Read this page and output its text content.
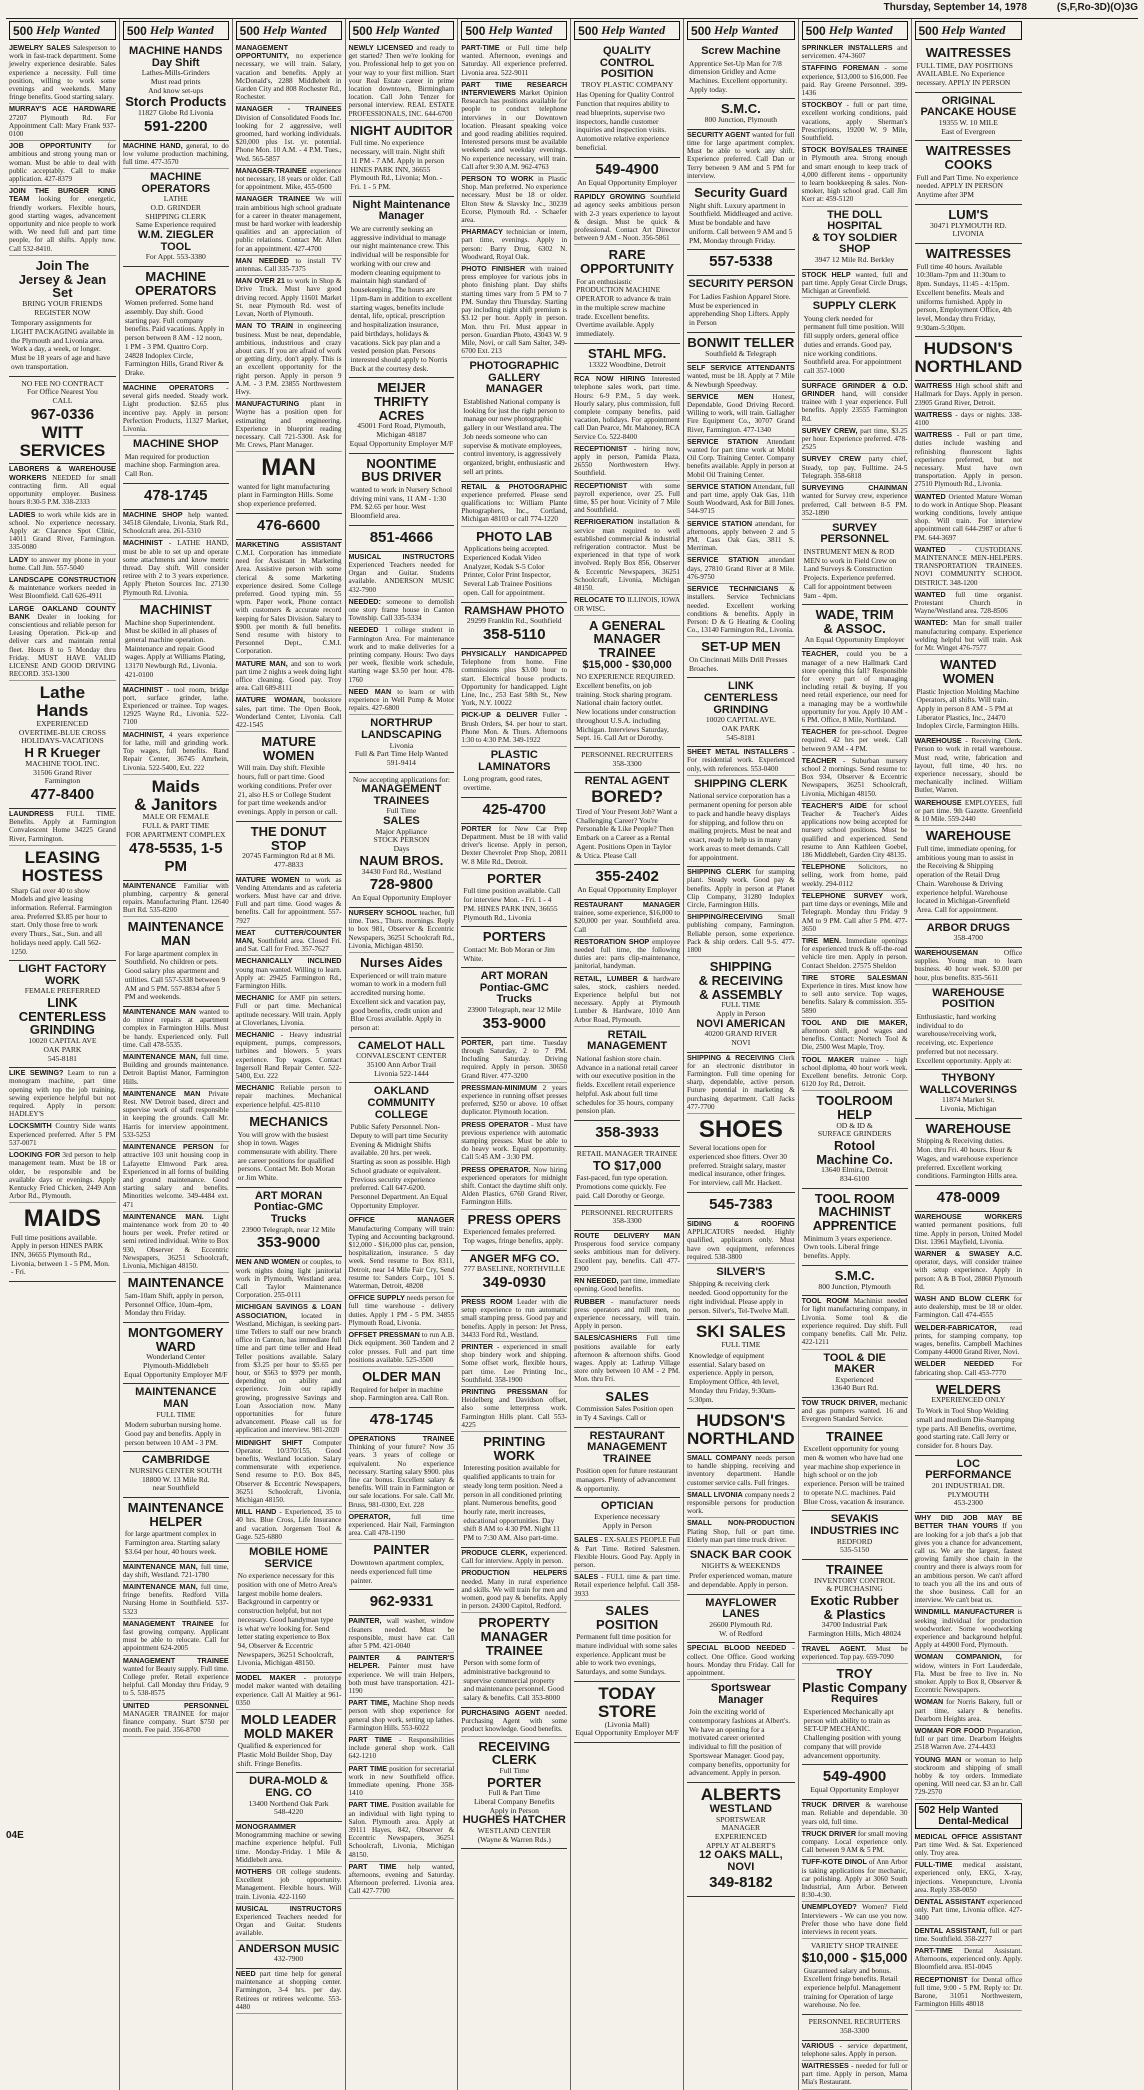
Thursday, September 14, 1978	(S,F,Ro-3D)(O)3G
500 Help Wanted
JEWELRY SALES Salesperson to work in fast-track department. Some jewelry experience desirable. Sales experience a necessity. Full time position, willing to work some evenings and weekends. Many fringe benefits. Good starting salary.
MURRAY'S ACE HARDWARE 27207 Plymouth Rd. For Appointment Call: Mary Frank 937-0100
JOB OPPORTUNITY for ambitious and strong young man or woman. Must be able to deal with public acceptably. Call to make application. 427-8379
JOIN THE BURGER KING TEAM looking for energetic, friendly workers. Flexible hours, good starting wages, advancement opportunity and nice people to work with. We need full and part time people, for all shifts. Apply now. Call 532-8410.
Join The
Jersey & Jean Set
BRING YOUR FRIENDS
REGISTER NOW
Temporary assignments for LIGHT PACKAGING available in the Plymouth and Livonia area. Work a day, a week, or longer. Must be 18 years of age and have own transportation.
NO FEE NO CONTRACT
For Office Nearest You
CALL
967-0336
WITT
SERVICES
LABORERS & WAREHOUSE WORKERS NEEDED for small contracting firm. All equal opportunity employer. Business hours 8:30-5 P.M. 338-2333
LADIES to work while kids are in school. No experience necessary. Apply at: Clarence Spot Clinic, 14011 Grand River, Farmington. 335-0080
LADY to answer my phone in your home. Call Jim. 557-5040
LANDSCAPE CONSTRUCTION & maintenance workers needed in West Bloomfield. Call 626-4911
LARGE OAKLAND COUNTY BANK Dealer in looking for conscientious and reliable person for Leasing Operation. Pick-up and deliver cars and maintain rental fleet. Hours 8 to 5 Monday thru Friday. MUST HAVE VALID LICENSE AND GOOD DRIVING RECORD. 353-1300
Lathe
Hands
EXPERIENCED
OVERTIME-BLUE CROSS
HOLIDAYS-VACATIONS
H R Krueger
MACHINE TOOL INC.
31506 Grand River
Farmington
477-8400
LAUNDRESS FULL TIME. Benefits. Apply at Farmington Convalescent Home 34225 Grand River, Farmington.
LEASING
HOSTESS
Sharp Gal over 40 to show Models and give leasing information. Referral. Farmington area. Preferred $3.85 per hour to start. Only those free to work every Thurs., Sat., Sun. and all holidays need apply. Call 562-1250.
LIGHT FACTORY
WORK
FEMALE PREFERRED
LINK
CENTERLESS
GRINDING
10020 CAPITAL AVE
OAK PARK
545-8181
LIKE SEWING? Learn to run a monogram machine, part time opening with top the job training, sewing experience helpful but not required. Apply in person: HADLEY'S
LOCKSMITH Country Side wants Experienced preferred. After 5 PM 537-0071
LOOKING FOR 3rd person to help management team. Must be 18 or older, be responsible and be available days or evenings. Apply Kentucky Fried Chicken, 2449 Ann Arbor Rd., Plymouth.
MAIDS
Full time positions available. Apply in person HINES PARK INN, 36655 Plymouth Rd., Livonia, between 1 - 5 PM, Mon. - Fri.
500 Help Wanted
MACHINE HANDS
Day Shift
Lathes-Mills-Grinders
Must read prints
And know set-ups
Storch Products
11827 Globe Rd Livonia
591-2200
MACHINE HAND, general, to do low volume production machining, full time. 477-3570
MACHINE OPERATORS
LATHE
O.D. GRINDER
SHIPPING CLERK
Same Experience required
W.M. ZIEGLER TOOL
For Appt. 553-3380
MACHINE
OPERATORS
Women preferred. Some hand assembly. Day shift. Good starting pay. Full company benefits. Paid vacations. Apply in person between 8 AM - 12 noon, 1 PM - 3 PM. Quattro Corp. 24828 Indoplex Circle, Farmington Hills, Grand River & Drake.
MACHINE OPERATORS - several girls needed. Steady work. Light production. $2.65 plus incentive pay. Apply in person: Perfection Products, 11327 Market, Livonia.
MACHINE SHOP
Man required for production machine shop. Farmington area. Call Ron.
478-1745
MACHINE SHOP help wanted. 34518 Glendale, Livonia, Stark Rd., Schoolcraft area. 261-5310
MACHINIST - LATHE HAND, must be able to set up and operate some attachments and know metric thread. Day shift. Will consider retiree with 2 to 3 years experience. Apply Pheton Sources Inc. 27130 Plymouth Rd. Livonia.
MACHINIST
Machine shop Superintendent. Must be skilled in all phases of general machine operation. Maintenance and repair. Good wages. Apply at Williams Plating, 13170 Newburgh Rd., Livonia. 421-0100
MACHINIST - tool room, bridge port, surface grinder, lathe. Experienced or trainee. Top wages. 12925 Wayne Rd., Livonia. 522-7100
MACHINIST, 4 years experience for lathe, mill and grinding work. Top wages, full benefits. Rand Repair Center, 36745 Amrhein, Livonia. 522-5400, Ext. 222
Maids
& Janitors
MALE OR FEMALE
FULL & PART TIME
FOR APARTMENT COMPLEX
478-5535, 1-5 PM
MAINTENANCE Familiar with plumbing, carpentry & general repairs. Manufacturing Plant. 12640 Burt Rd. 535-8200
MAINTENANCE
MAN
For large apartment complex in Southfield. No children or pets. Good salary plus apartment and utilities. Call 557-5338 between 9 AM and 5 PM. 557-8834 after 5 PM and weekends.
MAINTENANCE MAN wanted to do minor repairs at apartment complex in Farmington Hills. Must be handy. Experienced only. Full time. Call 478-5535.
MAINTENANCE MAN, full time. Building and grounds maintenance. Detroit Baptist Manor, Farmington Hills.
MAINTENANCE MAN Private Rest. NW Detroit based, direct and supervise work of staff responsible in keeping the grounds. Call Mr. Harris for interview appointment. 533-5253
MAINTENANCE PERSON for attractive 103 unit housing coop in Lafayette Elmwood Park area. Experienced in all forms of building and ground maintenance. Good starting salary and benefits. Minorities welcome. 349-4484 ext. 471
MAINTENANCE MAN. Light maintenance work from 20 to 40 hours per week. Prefer retired or semi retired individual. Write to Box 930, Observer & Eccentric Newspapers, 36251 Schoolcraft, Livonia, Michigan 48150.
MAINTENANCE
5am-10am Shift, apply in person, Personnel Office, 10am-4pm, Monday thru Friday.
MONTGOMERY
WARD
Wonderland Center
Plymouth-Middlebelt
Equal Opportunity Employer M/F
MAINTENANCE MAN
FULL TIME
Modern suburban nursing home. Good pay and benefits. Apply in person between 10 AM - 3 PM.
CAMBRIDGE
NURSING CENTER SOUTH
18800 W. 13 Mile Rd.
near Southfield
MAINTENANCE
HELPER
for large apartment complex in Farmington area. Starting salary $3.64 per hour, 40 hours week.
MAINTENANCE MAN, full time, day shift, Westland. 721-1780
MAINTENANCE MAN, full time, fringe benefits. Redford Villa Nursing Home in Southfield. 537-5323
MANAGEMENT TRAINEE for fast growing company. Applicant must be able to relocate. Call for appointment 624-2005
MANAGEMENT TRAINEE wanted for Beauty supply. Full time. College prefer. Retail experience helpful. Call Monday thru Friday, 9 to 5. 538-8575
UNITED PERSONNEL MANAGER TRAINEE for major finance company. Start $750 per month. Fee paid. 356-8700
500 Help Wanted
MANAGEMENT OPPORTUNITY, no experience necessary, we will train. Salary, vacation and benefits. Apply at McDonald's, 2288 Middlebelt in Garden City and 808 Rochester Rd., Rochester.
MANAGER - TRAINEES Division of Consolidated Foods Inc. looking for 2 aggressive, well groomed, hard working individuals. $20,000 plus 1st. yr. potential. Phone Mon. 10 A.M. - 4 P.M. Tues., Wed. 565-5857
MANAGER-TRAINEE experience not necessary, 18 years or older. Call for appointment. Mike, 455-0500
MANAGER TRAINEE We will train ambitious high school graduate for a career in theater management, must be hard worker with leadership qualities and an appreciation of public relations. Contact Mr. Allen for an appointment. 427-4700
MAN NEEDED to install TV antennas. Call 335-7375
MAN OVER 21 to work in Shop & Drive Truck. Must have good driving record. Apply 11601 Market St. near Plymouth Rd. west of Levan, North of Plymouth.
MAN TO TRAIN in engineering business. Must be neat, dependable, ambitious, industrious and crazy about cars. If you are afraid of work or getting dirty, don't apply. This is an excellent opportunity for the right person. Apply in person 9 A.M. - 3 P.M. 23855 Northwestern Hwy.
MANUFACTURING plant in Wayne has a position open for estimating and engineering. Experience in blueprint reading necessary. Call 721-5300. Ask for Mr. Crews, Plant Manager.
MAN
wanted for light manufacturing plant in Farmington Hills. Some shop experience preferred.
476-6600
MARKETING ASSISTANT C.M.I. Corporation has immediate need for Assistant in Marketing Area. Assistive person with some clerical & some Marketing experience desired. Some College preferred. Good typing min. 55 wpm. Paper work, Phone contact with customers & accurate record keeping for Sales Division. Salary to $900. per month & full benefits. Send resume with history to Personnel Dept., C.M.I. Corporation.
MATURE MAN, and son to work part time 2 nights a week doing light office cleaning. Good pay. Troy area. Call 689-8111
MATURE WOMAN, bookstore sales, part time. The Open Book, Wonderland Center, Livonia. Call 422-1545
MATURE WOMEN
Will train. Day shift. Flexible hours, full or part time. Good working conditions. Prefer over 21, also H.S or College Student for part time weekends and/or evenings. Apply in person or call.
THE DONUT STOP
20745 Farmington Rd at 8 Mi.
477-8833
MATURE WOMEN to work as Vending Attendants and as cafeteria workers. Must have car and drive. Full and part time. Good wages & benefits. Call for appointment. 557-7927
MEAT CUTTER/COUNTER MAN, Southfield area. Closed Fri. and Sat. Call for Fred. 357-7627
MECHANICALLY INCLINED young man wanted. Willing to learn. Apply at: 29425 Farmington Rd., Farmington Hills.
MECHANIC for AMF pin setters. Full or part time. Mechanical aptitude necessary. Will train. Apply at Cloverlanes, Livonia.
MECHANIC - Heavy industrial equipment, pumps, compressors, turbines and blowers. 5 years experience. Top wages. Contact Ingersoll Rand Repair Center. 522-5400, Ext. 222
MECHANIC Reliable person to repair machines. Mechanical experience helpful. 425-8110
MECHANICS
You will grow with the busiest shop in town. Wages commensurate with ability. There are career positions for qualified persons. Contact Mr. Bob Moran or Jim White.
ART MORAN
Pontiac-GMC Trucks
23900 Telegraph, near 12 Mile
353-9000
MEN AND WOMEN or couples, to work nights doing light janitorial work in Plymouth, Westland area. Call Taylor Maintenance Corporation. 255-0111
MICHIGAN SAVINGS & LOAN ASSOCIATION, located in Westland, Michigan, is seeking part-time Tellers to staff our new branch office in Canton, has immediate full time and part time teller and Head Teller positions available. Salary from $3.25 per hour to $5.65 per hour, or $563 to $979 per month, depending on ability and experience. Join our rapidly growing, progressive Savings and Loan Association now. Many opportunities for future advancement. Please call us for application and interview. 981-2020
MIDNIGHT SHIFT Computer Operator. 10/370/155, Good benefits, Westland location. Salary commensurate with experience. Send resume to P.O. Box 845, Observer & Eccentric Newspapers, 36251 Schoolcraft, Livonia, Michigan 48150.
MILL HAND - Experienced, 35 to 40 hrs. Blue Cross, Life Insurance and vacation. Jorgensen Tool & Gage. 525-6880
MOBILE HOME
SERVICE
No experience necessary for this position with one of Metro Area's largest mobile home dealers. Background in carpentry or construction helpful, but not necessary. Good handyman type is what we're looking for. Send letter stating experience to Box 94, Observer & Eccentric Newspapers, 36251 Schoolcraft, Livonia, Michigan 48150.
MODEL MAKER - prototype model maker wanted with detailing experience. Call Al Maitley at 961-0350
MOLD LEADER
MOLD MAKER
Qualified & experienced for Plastic Mold Builder Shop, Day shift. Fringe Benefits.
DURA-MOLD & ENG. CO
13400 Northend Oak Park
548-4220
MONOGRAMMER Monogramming machine or sewing machine experience helpful. Full time. Monday-Friday. 1 Mile & Middlebelt area.
MOTHERS OR college students. Excellent job opportunity. Management. Flexible hours. Will train. Livonia. 422-1160
MUSICAL INSTRUCTORS Experienced Teachers needed for Organ and Guitar. Students available.
ANDERSON MUSIC
432-7900
NEED part time help for general maintenance at shopping center. Farmington, 3-4 hrs. per day. Retirees or retirees welcome. 553-4480
500 Help Wanted
NEWLY LICENSED and ready to get started? Then we're looking for you. Professional help to get you on your way to your first million. Start your Real Estate career in prime location downtown, Birmingham location. Call John Tenzer for personal interview. REAL ESTATE PROFESSIONALS, INC. 644-6700
NIGHT AUDITOR
Full time. No experience necessary, will train. Night shift 11 PM - 7 AM. Apply in person HINES PARK INN, 36655 Plymouth Rd., Livonia; Mon. - Fri. 1 - 5 PM.
Night Maintenance
Manager
We are currently seeking an aggressive individual to manage our night maintenance crew. This individual will be responsible for working with our crew and modern cleaning equipment to maintain high standard of housekeeping. The hours are 11pm-8am in addition to excellent starting wages, benefits include dental, life, optical, prescription and hospitalization insurance, paid birthdays, holidays & vacations. Sick pay plan and a vested pension plan. Persons interested should apply to Norris Buck at the courtesy desk.
MEIJER THRIFTY
ACRES
45001 Ford Road, Plymouth,
Michigan 48187
Equal Opportunity Employer M/F
NOONTIME
BUS DRIVER
wanted to work in Nursery School driving mini vans, 11 AM - 1:30 PM. $2.65 per hour. West Bloomfield area.
851-4666
MUSICAL INSTRUCTORS Experienced Teachers needed for Organ and Guitar. Students available. ANDERSON MUSIC 432-7900
NEEDED: someone to demolish one story frame house in Canton Township. Call 335-5334
NEEDED 1 college student in Farmington Area. For maintenance work and to make deliveries for a printing company. Hours: Two days per week, flexible work schedule, starting wage $3.50 per hour. 478-1760
NEED MAN to learn or with experience in Well Pump & Motor repairs. 427-6800
NORTHRUP LANDSCAPING
Livonia
Full & Part Time Help Wanted
591-9414
Now accepting applications for:
MANAGEMENT TRAINEES
Full Time
SALES
Major Appliance
STOCK PERSON
Days
NAUM BROS.
34430 Ford Rd., Westland
728-9800
An Equal Opportunity Employer
NURSERY SCHOOL teacher, full time. Tues., Thurs. mornings. Reply to box 981, Observer & Eccentric Newspapers, 36251 Schoolcraft Rd., Livonia, Michigan 48150.
Nurses Aides
Experienced or will train mature woman to work in a modern full accredited nursing home. Excellent sick and vacation pay, good benefits, credit union and Blue Cross available. Apply in person at:
CAMELOT HALL
CONVALESCENT CENTER
35100 Ann Arbor Trail
Livonia 522-1444
OAKLAND COMMUNITY
COLLEGE
Public Safety Personnel. Non-Deputy to will part time Security Evening & Midnight Shifts available. 20 hrs. per week. Starting as soon as possible. High School graduate or equivalent. Previous security experience preferred. Call 647-6200. Personnel Department. An Equal Opportunity Employer.
OFFICE MANAGER Manufacturing Company will train: Typing and Accounting background. $12,000 - $16,000 plus car, pension, hospitalization, insurance. 5 day week. Send resume to Box 8311, Detroit, near 14 Mile Fair Cry, Send resume to: Sanders Corp., 101 S. Waterman, Detroit, 48208
OFFICE SUPPLY needs person for full time warehouse - delivery duties. Apply 1 PM - 5 PM. 34855 Plymouth Road, Livonia.
OFFSET PRESSMAN to run A.B. Dick equipment. 360 Tandem and 2 color presses. Full and part time positions available. 525-3500
OLDER MAN
Required for helper in machine shop. Farmington area. Call Ron.
478-1745
OPERATIONS TRAINEE Thinking of your future? Now 35 years. 3 years of college or equivalent. No experience necessary. Starting salary $900. plus fine car bonus. Excellent salary & benefits. Will train in Farmington or our sale locations. For sale. Call Mr. Bruss, 981-0300, Ext. 228
OPERATOR,	full time experienced. Hair Nail, Farmington area. Call 478-1190
PAINTER
Downtown apartment complex, needs experienced full time painter.
962-9331
PAINTER, wall washer, window cleaners needed. Must be responsible, must have car. Call after 5 PM. 421-0040
PAINTER & PAINTER'S HELPER. Painter must have experience. We will train Helpers, both must have transportation. 421-1190
PART TIME, Machine Shop needs person with shop experience for general shop work, setting up lathes. Farmington Hills. 553-6022
PART TIME - Responsibilities include general shop work. Call 642-1210
PART TIME position for secretarial work in new Southfield office. Immediate opening. Phone 358-1410
PART TIME. Position available for an individual with light typing to Salon. Plymouth area. Apply at 39111 Hayes, 842, Observer & Eccentric Newspapers, 36251 Schoolcraft, Livonia, Michigan 48150.
PART TIME help wanted, afternoons, evening and Saturday. Afternoon preferred. Livonia area. Call 427-7700
500 Help Wanted
PART-TIME or Full time help wanted. Afternoon, evenings and Saturday. All experience preferred. Livonia area. 522-9011
PART TIME RESEARCH INTERVIEWERS Market Opinion Research has positions available for people to conduct telephone interviews in our Downtown location. Pleasant speaking voice and good reading abilities required. Interested persons must be available weekends and weekday evenings. No experience necessary, will train. Call after 9:30 A.M. 962-4763
PERSON TO WORK in Plastic Shop. Man preferred. No experience necessary. Must be 18 or older. Elton Stew & Slavsky Inc., 30239 Ecorse, Plymouth Rd. - Schaefer area.
PHARMACY technician or intern, part time, evenings. Apply in person: Barry Drug, 6302 N. Woodward, Royal Oak.
PHOTO FINISHER with trained press employee for various jobs in photo finishing plant. Day shifts starting times vary from 5 PM to 7 PM. Sunday thru Thursday. Starting pay including night shift premium is $3.12 per hour. Apply in person. Mon. thru Fri. Must appear in person. Guardian Photo, 43043 W. 9 Mile, Novi, or call Sam Salter, 349-6700 Ext. 213
PHOTOGRAPHIC GALLERY
MANAGER
Established National company is looking for just the right person to manage our new photographic gallery in our Westland area. The Job needs someone who can supervise & motivate employees, control inventory, is aggressively organized, bright, enthusiastic and sell art prints.
RETAIL & PHOTOGRAPHIC experience preferred. Please send qualifications to: William Plante Photographers, Inc., Cortland, Michigan 48103 or call 774-1220
PHOTO LAB
Applications being accepted. Experienced Kodak Video Analyzer, Kodak S-5 Color Printer, Color Print Inspector, Several Lab Trainee Positions open. Call for appointment.
RAMSHAW PHOTO
29299 Franklin Rd., Southfield
358-5110
PHYSICALLY HANDICAPPED Telephone from home. Fine commissions plus $3.00 hour to start. Electrical house products. Opportunity for handicapped. Light Line, Inc., 253 East 58th St., New York, N.Y. 10022
PICK-UP & DELIVER Fuller - Brush Orders, $4. per hour to start. Phone Mon. & Thurs. Afternoons 1:30 to 4:30 P.M. 349-1922
PLASTIC
LAMINATORS
Long program, good rates, overtime.
425-4700
PORTER for New Car Prep Department. Must be 18 with valid driver's license. Apply in person, Dexter Chevrolet Prep Shop, 20811 W. 8 Mile Rd., Detroit.
PORTER
Full time position available. Call for interview Mon. - Fri. 1 - 4 PM. HINES PARK INN, 36655 Plymouth Rd., Livonia
PORTERS
Contact Mr. Bob Moran or Jim White.
ART MORAN
Pontiac-GMC Trucks
23900 Telegraph, near 12 Mile
353-9000
PORTER, part time. Tuesday through Saturday, 2 to 7 PM. Including Saturday. Driving required. Apply in person. 30650 Grand River. 477-3200
PRESSMAN-MINIMUM 2 years experience in running offset presses preferred, $250 or above. 10 offset duplicator. Plymouth location.
PRESS OPERATOR - Must have previous experience with automatic stamping presses. Must be able to do heavy work. Equal opportunity. Call 5:45 AM - 3:30 PM.
PRESS OPERATOR. Now hiring experienced operators for midnight shift. Contact the daytime shift only. Alden Plastics, 6760 Grand River, Farmington Hills.
PRESS OPERS
Experienced females preferred. Top wages, fringe benefits, apply.
ANGER MFG CO.
777 BASELINE, NORTHVILLE
349-0930
PRESS ROOM Leader with die setup experience to run automatic small stamping press. Good pay and benefits. Apply in person: Jet Press, 34433 Ford Rd., Westland.
PRINTER - experienced in small shop bindery work and shipping. Some offset work, flexible hours, part time. Lee Printing Inc., Southfield. 358-1900
PRINTING PRESSMAN for Heidelberg and Davidson offset, also some letterpress work. Farmington Hills plant. Call 553-4225
PRINTING WORK
Interesting position available for qualified applicants to train for steady long term position. Need a person in all conditioned printing plant. Numerous benefits, good hourly rate, merit increases, educational opportunities. Day shift 8 AM to 4:30 PM. Night 11 PM to 7:30 AM. Also part-time.
PRODUCE CLERK, experienced. Call for interview. Apply in person.
PRODUCTION HELPERS needed. Many in rural experience and skills. We will train for men and women, good pay & benefits. Apply in person. 24300 Capitol, Redford.
PROPERTY
MANAGER
TRAINEE
Person with some form of administrative background to supervise commercial property and maintenance personnel. Good salary & benefits. Call 353-8000
PURCHASING AGENT needed. Purchasing Agent with some product knowledge. Good benefits.
RECEIVING CLERK
Full Time
PORTER
Full & Part Time
Liberal Company Benefits
Apply in Person
HUGHES HATCHER
WESTLAND CENTER
(Wayne & Warren Rds.)
500 Help Wanted
QUALITY
CONTROL
POSITION
TROY PLASTIC COMPANY
Has Opening for Quality Control Function that requires ability to read blueprints, supervise two inspectors, handle customer inquiries and inspection visits. Automotive relative experience beneficial.
549-4900
An Equal Opportunity Employer
RAPIDLY GROWING Southfield ad agency seeks ambitious person with 2-3 years experience to layout & design. Must be quick & professional. Contact Art Director between 9 AM - Noon. 356-5861
RARE
OPPORTUNITY
For an enthusiastic PRODUCTION MACHINE OPERATOR to advance & train in the multiple screw machine trade. Excellent benefits. Overtime available. Apply immediately.
STAHL MFG.
13322 Woodbine, Detroit
RCA NOW HIRING Interested telephone sales work, part time. Hours: 6-9 P.M., 5 day week. Hourly salary, plus commission, full complete company benefits, paid vacation, holidays. For appointment call Dan Pearce, Mr. Mahoney, RCA Service Co. 522-8400
RECEPTIONIST - hiring now, apply in person, Pamida Plaza, 26550 Northwestern Hwy. Southfield.
RECEPTIONIST with some payroll experience, over 25. Full time, $5 per hour. Vicinity of 7 Mile and Southfield.
REFRIGERATION installation & service man required to well established commercial & industrial refrigeration contractor. Must be experienced in that type of work involved. Reply Box 856, Observer & Eccentric Newspapers, 36251 Schoolcraft, Livonia, Michigan 48150.
RELOCATE TO ILLINOIS, IOWA OR WISC.
A GENERAL
MANAGER
TRAINEE
$15,000 - $30,000
NO EXPERIENCE REQUIRED. Excellent benefits, on job training. Stock sharing program. National chain factory outlet. New locations under construction throughout U.S.A. including Michigan. Interviews Saturday, Sept. 16. Call Art or Dorothy.
PERSONNEL RECRUITERS
358-3300
RENTAL AGENT
BORED?
Tired of Your Present Job? Want a Challenging Career? You're Personable & Like People? Then Embark on a Career as a Rental Agent. Positions Open in Taylor & Utica. Please Call
355-2402
An Equal Opportunity Employer
RESTAURANT MANAGER trainee, some experience, $16,000 to $20,000 per year. Southfield area. Call
RESTORATION SHOP employee needed full time, the following duties are: parts clip-maintenance, janitorial, handyman.
RETAIL, LUMBER & hardware sales, stock, cashiers needed. Experience helpful but not necessary. Apply at Plymouth Lumber & Hardware, 1010 Ann Arbor Road, Plymouth.
RETAIL
MANAGEMENT
National fashion store chain. Advance in a national retail career with our executive position in the fields. Excellent retail experience helpful. Ask about full time schedules for 35 hours, company pension plan.
358-3933
RETAIL MANAGER TRAINEE
TO $17,000
Fast-paced, fun type operation. Promotions come quickly. Fee paid. Call Dorothy or George.
PERSONNEL RECRUITERS
358-3300
ROUTE DELIVERY MAN Prosperous food service company seeks ambitious man for delivery. Excellent pay, benefits. Call 477-2900
RN NEEDED, part time, immediate opening. Good benefits.
RUBBER - manufacturer needs press operators and mill men, no experience necessary, will train. Apply in person.
SALES/CASHIERS Full time positions available for early afternoon & afternoon shifts. Good wages. Apply at: Lathrup Village store only between 10 AM - 2 PM. Mon. thru Fri.
SALES
Commission Sales Position open in Ty 4 Savings. Call or
RESTAURANT
MANAGEMENT
TRAINEE
Position open for future restaurant managers. Plenty of advancement & opportunity.
OPTICIAN
Experience necessary
Apply in Person
SALES - EX-SALES PEOPLE Full & Part Time. Retired Salesmen. Flexible Hours. Good Pay. Apply in person.
SALES - FULL time & part time. Retail experience helpful. Call 358-3933
SALES
POSITION
Permanent full time position for mature individual with some sales experience. Applicant must be able to work two evenings, Saturdays, and some Sundays.
TODAY
STORE
(Livonia Mall)
Equal Opportunity Employer M/F
500 Help Wanted
Screw Machine
Apprentice Set-Up Man for 7/8 dimension Gridley and Acme Machines. Excellent opportunity. Apply today.
S.M.C.
800 Junction, Plymouth
SECURITY AGENT wanted for full time for large apartment complex. Must be able to work any shift. Experience preferred. Call Dan or Terry between 9 AM and 5 PM for interview.
Security Guard
Night shift. Luxury apartment in Southfield. Middleaged and active. Must be bondable and have uniform. Call between 9 AM and 5 PM, Monday through Friday.
557-5338
SECURITY PERSON
For Ladies Fashion Apparel Store. Must be experienced in apprehending Shop Lifters. Apply in Person
BONWIT TELLER
Southfield & Telegraph
SELF SERVICE ATTENDANTS wanted, must be 18. Apply at 7 Mile & Newburgh Speedway.
SERVICE MEN	Honest, Dependable, Good Driving Record. Willing to work, will train. Gallagher Fire Equipment Co., 30707 Grand River, Farmington. 477-1340
SERVICE STATION Attendant wanted for part time work at Mobil Oil Corp. Training Center. Company benefits available. Apply in person at Mobil Oil Training Center.
SERVICE STATION Attendant, full and part time, apply Oak Gas, 11th South Woodward, Ask for Bill Jones. 544-9715
SERVICE STATION attendant, for afternoons, apply between 2 and 5 PM. Cass Oak Gas, 3811 S. Merriman.
SERVICE STATION attendant days, 27810 Grand River at 8 Mile. 476-9750
SERVICE TECHNICIANS & installers. Service Technicians needed. Excellent working conditions & benefits. Apply in Person: D & G Heating & Cooling Co., 13140 Farmington Rd., Livonia.
SET-UP MEN
On Cincinnati Mills Drill Presses Broaches.
LINK
CENTERLESS
GRINDING
10020 CAPITAL AVE.
OAK PARK
545-8181
SHEET METAL INSTALLERS - For residential work. Experienced only, with references. 553-0400
SHIPPING CLERK
National service corporation has a permanent opening for person able to pack and handle heavy displays for shipping, and follow thru on mailing projects. Must be neat and exact, ready to help us in many work areas to meet demands. Call for appointment.
SHIPPING CLERK for stamping plant. Steady work. Good pay & benefits. Apply in person at Planet Clip Company, 31280 Indoplex Circle, Farmington Hills.
SHIPPING/RECEIVING Small publishing company, Farmington. Reliable person, some experience. Pack & ship orders. Call 9-5. 477-1800
SHIPPING
& RECEIVING
& ASSEMBLY
FULL TIME
Apply in Person
NOVI AMERICAN
40200 GRAND RIVER
NOVI
SHIPPING & RECEIVING Clerk for an electronic distributor in Farmington. Full time opening for sharp, dependable, active person. Future potential in marketing & purchasing department. Call Jacks 477-7700
SHOES
Several locations open for experienced shoe fitters. Over 30 preferred. Straight salary, master medical insurance, other fringes. For interview, call Mr. Hackett.
545-7383
SIDING & ROOFING APPLICATORS needed. Highly qualified, applicators only. Must have own equipment, references required. 538-3800
SILVER'S
Shipping & receiving clerk needed. Good opportunity for the right individual. Please apply in person. Silver's, Tel-Twelve Mall.
SKI SALES
FULL TIME
Knowledge of equipment essential. Salary based on experience. Apply in person, Employment Office, 4th level, Monday thru Friday, 9:30am-5:30pm.
HUDSON'S
NORTHLAND
SMALL COMPANY needs person to handle shipping, receiving and inventory department. Handle customer service calls. Full fringes.
SMALL LIVONIA company needs 2 responsible persons for production work.
SMALL NON-PRODUCTION Plating Shop, full or part time. Elderly man part time truck driver.
SNACK BAR COOK
NIGHTS & WEEKENDS
Prefer experienced woman, mature and dependable. Apply in person.
MAYFLOWER LANES
26600 Plymouth Rd.
W. of Redford
SPECIAL BLOOD NEEDED - collect. One Office. Good working hours. Monday thru Friday. Call for appointment.
Sportswear
Manager
Join the exciting world of contemporary fashions at Albert's. We have an opening for a motivated career oriented individual to fill the position of Sportswear Manager. Good pay, company benefits, opportunity for advancement. Apply in person.
ALBERTS
WESTLAND
SPORTSWEAR
MANAGER
EXPERIENCED
APPLY AT ALBERT'S
12 OAKS MALL, NOVI
349-8182
500 Help Wanted
SPRINKLER INSTALLERS and servicemen. 474-3607
STAFFING FOREMAN - some experience, $13,000 to $16,000. Fee paid. Ray Greene Personnel. 399-1436
STOCKBOY - full or part time, excellent working conditions, paid vacations, apply Sherman's Prescriptions, 19200 W. 9 Mile, Southfield.
STOCK BOY/SALES TRAINEE in Plymouth area. Strong enough and smart enough to keep track of 4,000 different items - opportunity to learn bookkeeping & sales. Non-smoker, high school grad. Call Jim Kerr at: 459-5120
THE DOLL HOSPITAL
& TOY SOLDIER SHOP
3947 12 Mile Rd. Berkley
STOCK HELP wanted, full and part time. Apply Great Circle Drugs, Michigan at Greenfield.
SUPPLY CLERK
Young clerk needed for permanent full time position. Will fill supply orders, general office duties and errands. Good pay, nice working conditions. Southfield area. For appointment call 357-1000
SURFACE GRINDER & O.D. GRINDER hand, will consider trainee with 1 year experience. Full benefits. Apply 23555 Farmington Rd.
SURVEY CREW, part time, $3.25 per hour. Experience preferred. 478-2525
SURVEY CREW party chief, Steady, top pay, Fulltime. 24-5 Telegraph. 358-6818
SURVEYING CHAINMAN wanted for Survey crew, experience preferred, Call between 8-5 PM. 352-1890
SURVEY PERSONNEL
INSTRUMENT MEN & ROD MEN to work in Field Crew on Land Surveys & Construction Projects. Experience preferred. Call for appointment between 9am - 4pm.
WADE, TRIM
& ASSOC.
An Equal Opportunity Employer
TEACHER, could you be a manager of a new Hallmark Card store opening this fall? Responsible for every part of managing including retail & buying. If you need retail experience, our need for a managing may be a worthwhile opportunity for you. Apply 10 AM - 6 PM. Office, 8 Mile, Northland.
TEACHER for pre-school. Degree required. 42 hrs per week. Call between 9 AM - 4 PM.
TEACHER - Suburban nursery school 2 mornings. Send resume to: Box 934, Observer & Eccentric Newspapers, 36251 Schoolcraft, Livonia, Michigan 48150.
TEACHER'S AIDE for school Teacher & Teacher's Aides applications now being accepted for nursery school positions. Must be qualified and experienced. Send resume to Ann Kathleen Goebel, 186 Middlebelt, Garden City 48135.
TELEPHONE Solicitors, no selling, work from home, paid weekly. 294-0112
TELEPHONE SURVEY work, part time days or evenings, Mile and Telegraph. Monday thru Friday 9 AM to 9 PM. Call after 5 PM. 477-3650
TIRE MEN. Immediate openings for experienced truck & off-the-road vehicle tire men. Apply in person. Contact Sheldon. 27575 Sheldon
TIRE STORE SALESMAN Experience in tires. Must know how to sell auto service. Top wages, benefits. Salary & commission. 355-5890
TOOL AND DIE MAKER, afternoon shift, good wages and benefits. Contact: Nortech Tool & Die, 2500 West Maple, Troy.
TOOL MAKER trainee - high school diploma, 40 hour work week. Excellent benefits. Jetronic Corp. 6120 Joy Rd., Detroit.
TOOLROOM HELP
OD & ID &
SURFACE GRINDERS
Rotool
Machine Co.
13640 Elmira, Detroit
834-6100
TOOL ROOM
MACHINIST
APPRENTICE
Minimum 3 years experience. Own tools. Liberal fringe benefits. Apply.
S.M.C.
800 Junction, Plymouth
TOOL ROOM Machinist needed for light manufacturing company, in Livonia. Some tool & die experience required. Day shift. Full company benefits. Call Mr. Peltz. 422-1211
TOOL & DIE MAKER
Experienced
13640 Burt Rd.
TOW TRUCK DRIVER, mechanic and gas pumpers wanted. 16 and Evergreen Standard Service.
TRAINEE
Excellent opportunity for young men & women who have had one year machine shop experience in high school or on the job experience. Person will be trained to operate N.C. machines. Paid Blue Cross, vacation & insurance.
SEVAKIS INDUSTRIES INC
REDFORD
535-5150
TRAINEE
INVENTORY CONTROL
& PURCHASING
Exotic Rubber
& Plastics
34700 Industrial Park
Farmington Hills, Mich 48024
TRAVEL AGENT. Must be experienced. Top pay. 659-7090
TROY
Plastic Company
Requires
Experienced Mechanically apt person with ability to train as SET-UP MECHANIC. Challenging position with young company that will provide advancement opportunity.
549-4900
Equal Opportunity Employer
TRUCK DRIVER & warehouse man. Reliable and dependable. 30 years old, full time.
TRUCK DRIVER for small moving company. Local experience only. Call between 9 AM & 5 PM.
TUFF-KOTE DINOL of Ann Arbor is taking applications for mechanic, car polishing. Apply at 3060 South Industrial, Ann Arbor. Between 8:30-4:30.
UNEMPLOYED? Women? Field Interviewers - We can use you now. Prefer those who have done field interviews in recent years.
VARIETY SHOP TRAINEE
$10,000 - $15,000
Guaranteed salary and bonus. Excellent fringe benefits. Retail experience helpful. Management training for Operation of large warehouse. No fee.
PERSONNEL RECRUITERS
358-3300
VARIOUS - service department, telephone sales. Apply in person.
WAITRESSES - needed for full or part time. Apply in person, Mama Mia's Restaurant.
500 Help Wanted
WAITRESSES
FULL TIME, DAY POSITIONS AVAILABLE. No Experience necessary. APPLY IN PERSON
ORIGINAL PANCAKE HOUSE
19355 W. 10 MILE
East of Evergreen
WAITRESSES
COOKS
Full and Part Time. No experience needed. APPLY IN PERSON Anytime after 3PM
LUM'S
30471 PLYMOUTH RD.
LIVONIA
WAITRESSES
Full time 40 hours. Available 10:30am-7pm and 11:30am to 8pm. Sundays, 11:45 - 4:15pm. Excellent benefits. Meals and uniforms furnished. Apply in person, Employment Office, 4th level, Monday thru Friday, 9:30am-5:30pm.
HUDSON'S
NORTHLAND
WAITRESS High school shift and Hallmark for Days. Apply in person. 23905 Grand River, Detroit.
WAITRESS - days or nights. 338-4100
WAITRESS - Full or part time, duties include washing and refinishing fluorescent lights experience preferred, but not necessary. Must have own transportation. Apply in person. 27510 Plymouth Rd., Livonia.
WANTED Oriented Mature Woman to do work in Antique Shop. Pleasant working conditions, lovely antique shop. Will train. For interview appointment call 644-2987 or after 6 PM. 644-3697
WANTED - CUSTODIANS. MAINTENANCE MEN-HELPERS. TRANSPORTATION TRAINEES. NOVI COMMUNITY SCHOOL DISTRICT. 348-1200
WANTED full time organist. Protestant Church in Wayne/Westland area. 728-8506
WANTED: Man for small trailer manufacturing company. Experience welding helpful but will train. Ask for Mr. Winget 476-7577
WANTED WOMEN
Plastic Injection Molding Machine Operators, all shifts. Will train. Apply in person 8 AM - 5 PM at Liberator Plastics, Inc., 24470 Indoplex Circle, Farmington Hills.
WAREHOUSE - Receiving Clerk. Person to work in retail warehouse. Must read, write, fabrication and layout, full time, 40 hrs. no experience necessary, should be mechanically inclined. William Butler, Warren.
WAREHOUSE EMPLOYEES, full or part time. 9th Gazette. Greenfield & 10 Mile. 559-2440
WAREHOUSE
Full time, immediate opening, for ambitious young man to assist in the Receiving & Shipping operation of the Retail Drug Chain. Warehouse & Driving experience helpful. Warehouse located in Michigan-Greenfield Area. Call for appointment.
ARBOR DRUGS
358-4700
WAREHOUSEMAN	Office supplies. Young man to learn business. 40 hour week. $3.00 per hour, plus benefits. 835-5611
WAREHOUSE POSITION
Enthusiastic, hard working individual to do warehouse/receiving work, receiving, etc. Experience preferred but not necessary. Excellent opportunity. Apply at:
THYBONY WALLCOVERINGS
11874 Market St.
Livonia, Michigan
WAREHOUSE
Shipping & Receiving duties. Mon. thru Fri. 40 hours. Hour & Wages, and warehouse experience preferred. Excellent working conditions. Farmington Hills area.
478-0009
WAREHOUSE WORKERS wanted permanent positions, full time. Apply in person, United Model Dist. 13961 Mayfield, Livonia.
WARNER & SWASEY A.C. operator, days, will consider trainee with setup experience. Apply in person: A & B Tool, 28860 Plymouth Rd.
WASH AND BLOW CLERK for auto dealership, must be 18 or older. Farmington. Call 474-4555
WELDER-FABRICATOR, read prints, for stamping company, top wages, benefits. Campbell Machines Company 44000 Grand River, Novi.
WELDER NEEDED	For fabricating shop. Call 453-7770
WELDERS
EXPERIENCED ONLY
To Work in Tool Shop Welding small and medium Die-Stamping type parts. All Benefits, overtime, good starting rate. Call Jerry or consider for. 8 hours Day.
LOC PERFORMANCE
201 INDUSTRIAL DR.
PLYMOUTH
453-2300
WHY DID JOB MAY BE BETTER THAN YOURS If you are looking for a job that's a job that gives you a chance for advancement, call us. We are the largest, fastest growing family shoe chain in the country and there is always room for an ambitious person. We can't afford to teach you all the ins and outs of the shoe business. Call for an interview. We can't beat us.
WINDMILL MANUFACTURER is seeking individual for production woodworker. Some woodworking experience and background helpful. Apply at 44900 Ford, Plymouth.
WOMAN COMPANION, for widow, winters in Fort Lauderdale, Fla. Must be free to live in. No smoker. Apply to Box 8, Observer & Eccentric Newspapers.
WOMAN for Norris Bakery, full or part time, salary & benefits. Dearborn Heights area.
WOMAN FOR FOOD Preparation, full or part time. Dearborn Heights 2518 Warren Ave. 274-4433
YOUNG MAN or woman to help stockroom and shipping of small hobby & toy orders. Immediate opening. Will need car. $3 an hr. Call 729-2570
502 Help Wanted Dental-Medical
MEDICAL OFFICE ASSISTANT Part time Wed. & Sat. Experienced only. Troy area.
FULL-TIME medical assistant, experienced only, EKG, X-ray, injections. Venepuncture, Livonia area. Reply 358-0050
DENTAL ASSISTANT experienced only. Part time, Livonia office. 427-3400
DENTAL ASSISTANT, full or part time. Southfield. 358-2277
PART-TIME Dental Assistant. Afternoons, experienced only. Apply. Bloomfield area. 851-0045
RECEPTIONIST for Dental office full time, 9:00 - 5 PM. Reply to: Dr. Barone, 31051 Northwestern, Farmington Hills 48018
04E
